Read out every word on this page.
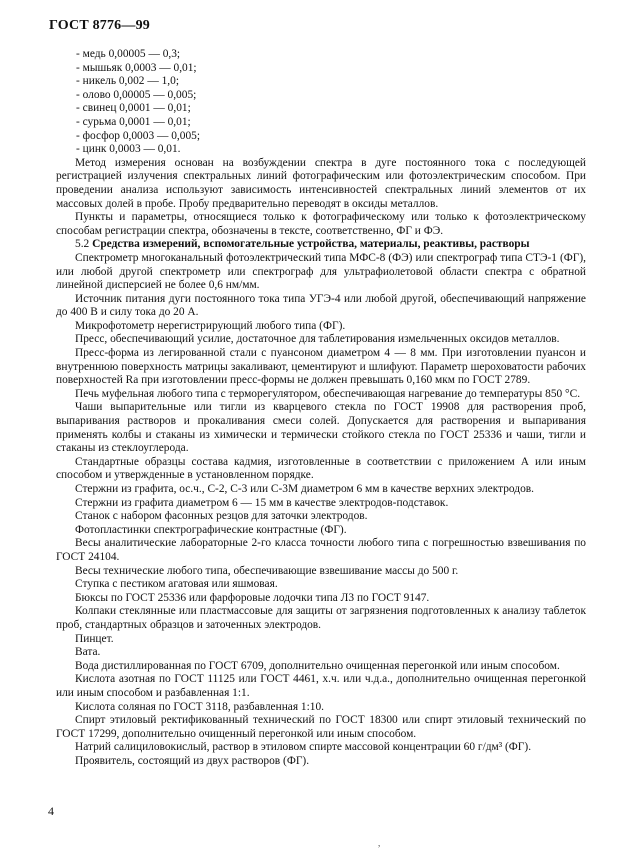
ГОСТ 8776—99

- медь 0,00005 — 0,3;

- мышьяк 0,0003 — 0,01;

- никель 0,002 — 1,0;

- олово 0,00005 — 0,005;

- свинец 0,0001 — 0,01;

- сурьма 0,0001 — 0,01;

- фосфор 0,0003 — 0,005;

- цинк 0,0003 — 0,01.

Метод измерения основан на возбуждении спектра в дуге постоянного тока с последующей регистрацией излучения спектральных линий фотографическим или фотоэлектрическим способом. При проведении анализа используют зависимость интенсивностей спектральных линий элементов от их массовых долей в пробе. Пробу предварительно переводят в оксиды металлов.

Пункты и параметры, относящиеся только к фотографическому или только к фотоэлектрическому способам регистрации спектра, обозначены в тексте, соответственно, ФГ и ФЭ.

5.2 Средства измерений, вспомогательные устройства, материалы, реактивы, растворы

Спектрометр многоканальный фотоэлектрический типа МФС-8 (ФЭ) или спектрограф типа СТЭ-1 (ФГ), или любой другой спектрометр или спектрограф для ультрафиолетовой области спектра с обратной линейной дисперсией не более 0,6 нм/мм.

Источник питания дуги постоянного тока типа УГЭ-4 или любой другой, обеспечивающий напряжение до 400 В и силу тока до 20 А.

Микрофотометр нерегистрирующий любого типа (ФГ).

Пресс, обеспечивающий усилие, достаточное для таблетирования измельченных оксидов металлов.

Пресс-форма из легированной стали с пуансоном диаметром 4 — 8 мм. При изготовлении пуансон и внутреннюю поверхность матрицы закаливают, цементируют и шлифуют. Параметр шероховатости рабочих поверхностей Ra при изготовлении пресс-формы не должен превышать 0,160 мкм по ГОСТ 2789.

Печь муфельная любого типа с терморегулятором, обеспечивающая нагревание до температуры 850 °С.

Чаши выпарительные или тигли из кварцевого стекла по ГОСТ 19908 для растворения проб, выпаривания растворов и прокаливания смеси солей. Допускается для растворения и выпаривания применять колбы и стаканы из химически и термически стойкого стекла по ГОСТ 25336 и чаши, тигли и стаканы из стеклоуглерода.

Стандартные образцы состава кадмия, изготовленные в соответствии с приложением А или иным способом и утвержденные в установленном порядке.

Стержни из графита, ос.ч., С-2, С-3 или С-3М диаметром 6 мм в качестве верхних электродов.

Стержни из графита диаметром 6 — 15 мм в качестве электродов-подставок.

Станок с набором фасонных резцов для заточки электродов.

Фотопластинки спектрографические контрастные (ФГ).

Весы аналитические лабораторные 2-го класса точности любого типа с погрешностью взвешивания по ГОСТ 24104.

Весы технические любого типа, обеспечивающие взвешивание массы до 500 г.

Ступка с пестиком агатовая или яшмовая.

Бюксы по ГОСТ 25336 или фарфоровые лодочки типа Л3 по ГОСТ 9147.

Колпаки стеклянные или пластмассовые для защиты от загрязнения подготовленных к анализу таблеток проб, стандартных образцов и заточенных электродов.

Пинцет.

Вата.

Вода дистиллированная по ГОСТ 6709, дополнительно очищенная перегонкой или иным способом.

Кислота азотная по ГОСТ 11125 или ГОСТ 4461, х.ч. или ч.д.а., дополнительно очищенная перегонкой или иным способом и разбавленная 1:1.

Кислота соляная по ГОСТ 3118, разбавленная 1:10.

Спирт этиловый ректификованный технический по ГОСТ 18300 или спирт этиловый технический по ГОСТ 17299, дополнительно очищенный перегонкой или иным способом.

Натрий салициловокислый, раствор в этиловом спирте массовой концентрации 60 г/дм³ (ФГ).

Проявитель, состоящий из двух растворов (ФГ).

4
,
